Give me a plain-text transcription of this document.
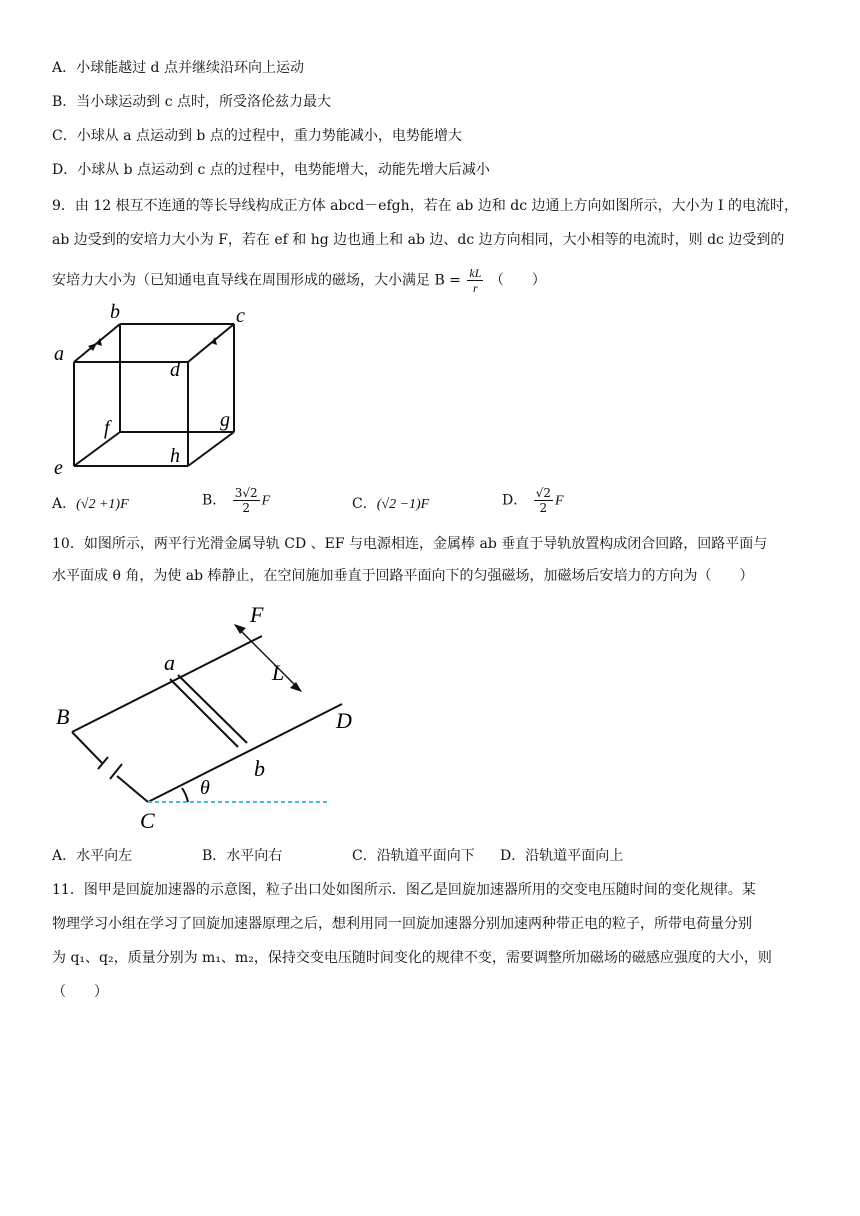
A．小球能越过 d 点并继续沿环向上运动
B．当小球运动到 c 点时，所受洛伦兹力最大
C．小球从 a 点运动到 b 点的过程中，重力势能减小，电势能增大
D．小球从 b 点运动到 c 点的过程中，电势能增大，动能先增大后减小
9．由 12 根互不连通的等长导线构成正方体 abcd－efgh，若在 ab 边和 dc 边通上方向如图所示，大小为 I 的电流时，
ab 边受到的安培力大小为 F，若在 ef 和 hg 边也通上和 ab 边、dc 边方向相同，大小相等的电流时，则 dc 边受到的
安培力大小为（已知通电直导线在周围形成的磁场，大小满足 $B = \frac{kL}{r}$ （　　）
a
b	c
d
e
f	g
h
A．(√2 +1)F	B． $\frac{3√2}{2}$ F	C．(√2 −1)F	D． $\frac{√2}{2}$ F
10．如图所示，两平行光滑金属导轨 CD 、EF 与电源相连，金属棒 ab 垂直于导轨放置构成闭合回路，回路平面与
水平面成 θ 角，为使 ab 棒静止，在空间施加垂直于回路平面向下的匀强磁场，加磁场后安培力的方向为（　　）
F
a	L
B	D
b
θ
C
A．水平向左	B．水平向右	C．沿轨道平面向下 D．沿轨道平面向上
11．图甲是回旋加速器的示意图，粒子出口处如图所示．图乙是回旋加速器所用的交变电压随时间的变化规律。某
物理学习小组在学习了回旋加速器原理之后，想利用同一回旋加速器分别加速两种带正电的粒子，所带电荷量分别
为 q₁、q₂，质量分别为 m₁、m₂，保持交变电压随时间变化的规律不变，需要调整所加磁场的磁感应强度的大小，则
（　　）
